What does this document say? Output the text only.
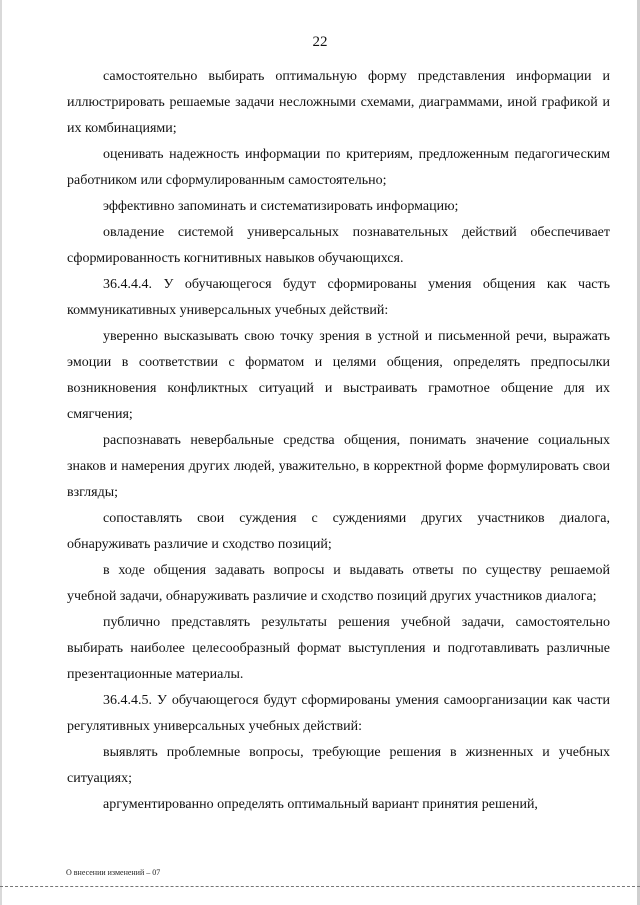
22

самостоятельно выбирать оптимальную форму представления информации и иллюстрировать решаемые задачи несложными схемами, диаграммами, иной графикой и их комбинациями;

оценивать надежность информации по критериям, предложенным педагогическим работником или сформулированным самостоятельно;

эффективно запоминать и систематизировать информацию;

овладение системой универсальных познавательных действий обеспечивает сформированность когнитивных навыков обучающихся.

36.4.4.4. У обучающегося будут сформированы умения общения как часть коммуникативных универсальных учебных действий:

уверенно высказывать свою точку зрения в устной и письменной речи, выражать эмоции в соответствии с форматом и целями общения, определять предпосылки возникновения конфликтных ситуаций и выстраивать грамотное общение для их смягчения;

распознавать невербальные средства общения, понимать значение социальных знаков и намерения других людей, уважительно, в корректной форме формулировать свои взгляды;

сопоставлять свои суждения с суждениями других участников диалога, обнаруживать различие и сходство позиций;

в ходе общения задавать вопросы и выдавать ответы по существу решаемой учебной задачи, обнаруживать различие и сходство позиций других участников диалога;

публично представлять результаты решения учебной задачи, самостоятельно выбирать наиболее целесообразный формат выступления и подготавливать различные презентационные материалы.

36.4.4.5. У обучающегося будут сформированы умения самоорганизации как части регулятивных универсальных учебных действий:

выявлять проблемные вопросы, требующие решения в жизненных и учебных ситуациях;

аргументированно определять оптимальный вариант принятия решений,

О внесении изменений – 07
